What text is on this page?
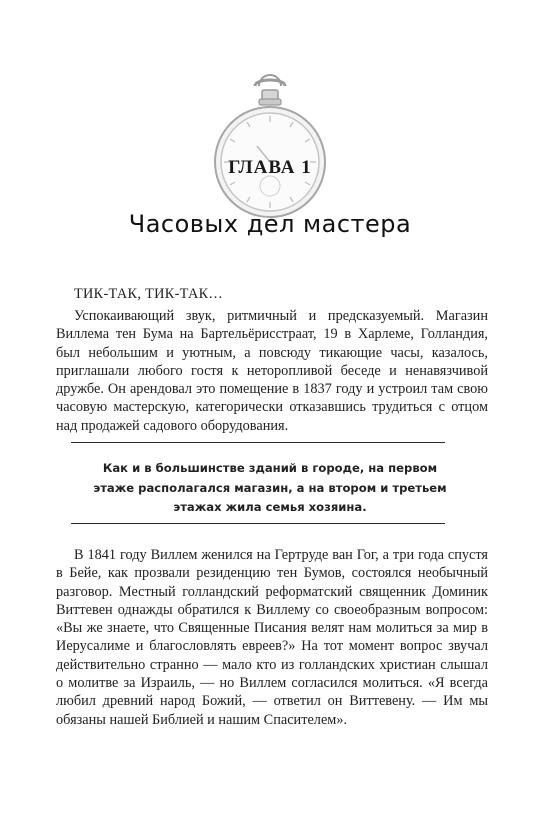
ГЛАВА 1
Часовых дел мастера
ТИК-ТАК, ТИК-ТАК…

Успокаивающий звук, ритмичный и предсказуемый. Магазин Виллема тен Бума на Бартельёрисстраат, 19 в Харлеме, Голландия, был небольшим и уютным, а повсюду тикающие часы, казалось, приглашали любого гостя к неторопливой беседе и ненавязчивой дружбе. Он арендовал это помещение в 1837 году и устроил там свою часовую мастерскую, категорически отказавшись трудиться с отцом над продажей садового оборудования.

Как и в большинстве зданий в городе, на первом этаже располагался магазин, а на втором и третьем этажах жила семья хозяина.

В 1841 году Виллем женился на Гертруде ван Гог, а три года спустя в Бейе, как прозвали резиденцию тен Бумов, состоялся необычный разговор. Местный голландский реформатский священник Доминик Виттевен однажды обратился к Виллему со своеобразным вопросом: «Вы же знаете, что Священные Писания велят нам молиться за мир в Иерусалиме и благословлять евреев?» На тот момент вопрос звучал действительно странно — мало кто из голландских христиан слышал о молитве за Израиль, — но Виллем согласился молиться. «Я всегда любил древний народ Божий, — ответил он Виттевену. — Им мы обязаны нашей Библией и нашим Спасителем».
